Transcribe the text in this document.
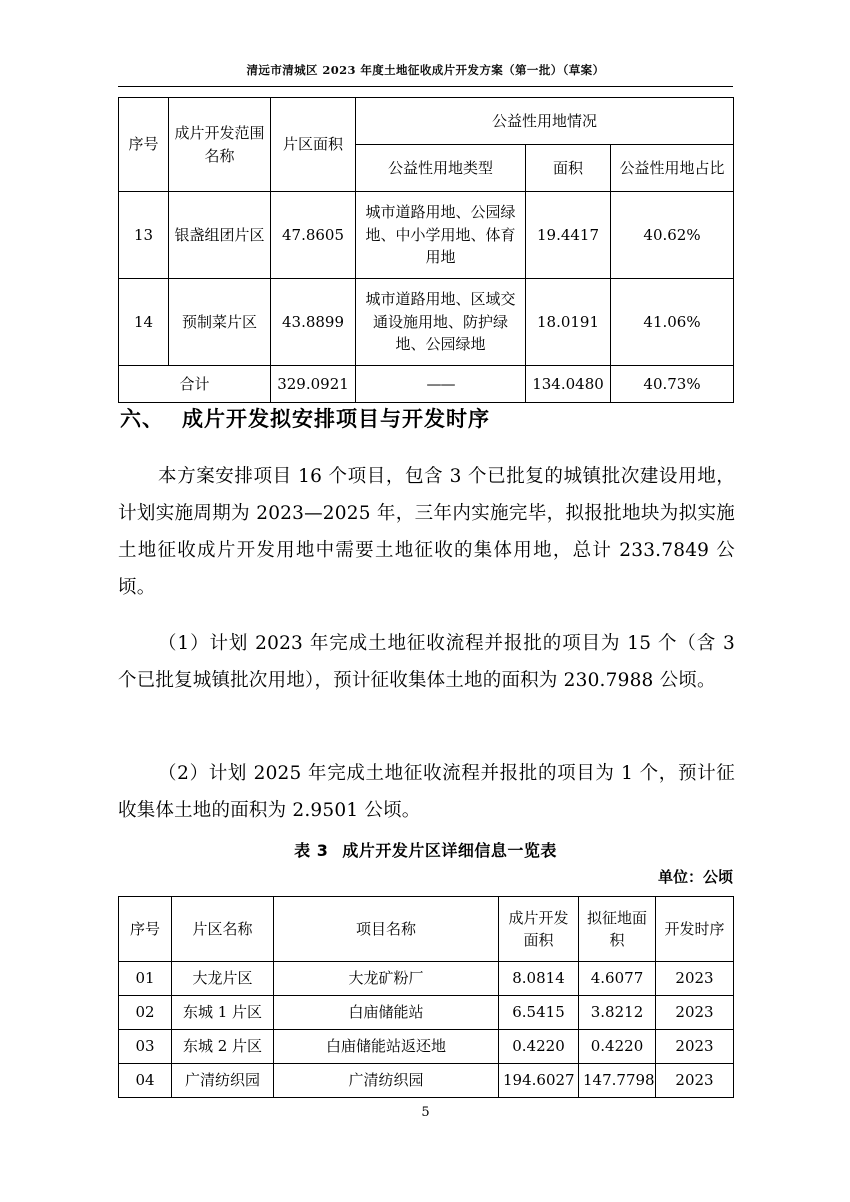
清远市清城区 2023 年度土地征收成片开发方案（第一批）（草案）
序号	成片开发范围名称	片区面积	公益性用地情况		
			公益性用地类型	面积	公益性用地占比
13	银盏组团片区	47.8605	城市道路用地、公园绿地、中小学用地、体育用地	19.4417	40.62%
14	预制菜片区	43.8899	城市道路用地、区域交通设施用地、防护绿地、公园绿地	18.0191	41.06%
合计		329.0921	——	134.0480	40.73%
六、 成片开发拟安排项目与开发时序
本方案安排项目 16 个项目，包含 3 个已批复的城镇批次建设用地，计划实施周期为 2023—2025 年，三年内实施完毕，拟报批地块为拟实施土地征收成片开发用地中需要土地征收的集体用地，总计 233.7849 公顷。
（1）计划 2023 年完成土地征收流程并报批的项目为 15 个（含 3 个已批复城镇批次用地），预计征收集体土地的面积为 230.7988 公顷。
（2）计划 2025 年完成土地征收流程并报批的项目为 1 个，预计征收集体土地的面积为 2.9501 公顷。
表 3 成片开发片区详细信息一览表
单位：公顷
序号	片区名称	项目名称	成片开发面积	拟征地面积	开发时序
01	大龙片区	大龙矿粉厂	8.0814	4.6077	2023
02	东城 1 片区	白庙储能站	6.5415	3.8212	2023
03	东城 2 片区	白庙储能站返还地	0.4220	0.4220	2023
04	广清纺织园	广清纺织园	194.6027	147.7798	2023
5
